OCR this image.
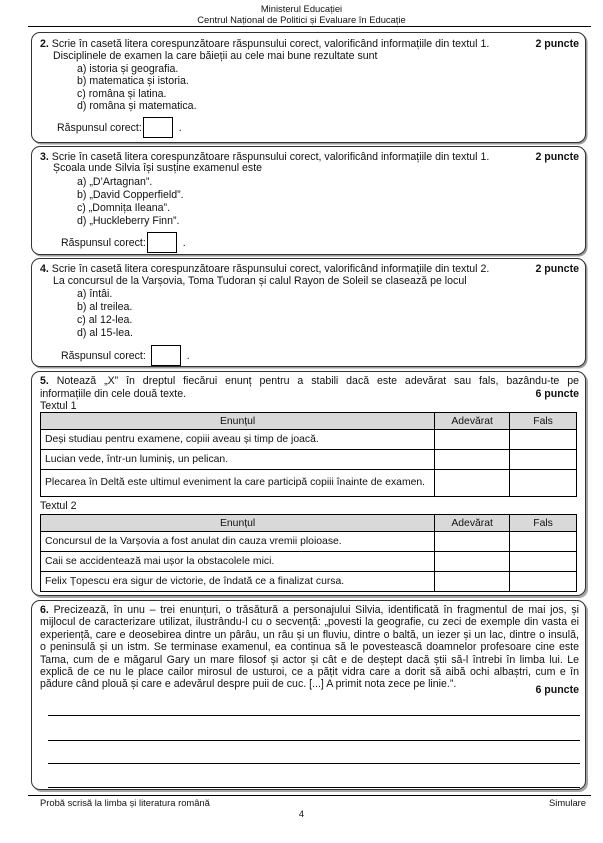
Ministerul Educației
Centrul Național de Politici și Evaluare în Educație
2. Scrie în casetă litera corespunzătoare răspunsului corect, valorificând informațiile din textul 1.	2 puncte
Disciplinele de examen la care băieții au cele mai bune rezultate sunt
a) istoria și geografia.
b) matematica și istoria.
c) româna și latina.
d) româna și matematica.
Răspunsul corect:	.
3. Scrie în casetă litera corespunzătoare răspunsului corect, valorificând informațiile din textul 1.	2 puncte
Școala unde Silvia își susține examenul este
a) „D’Artagnan”.
b) „David Copperfield”.
c) „Domnița Ileana”.
d) „Huckleberry Finn”.
Răspunsul corect:	.
4. Scrie în casetă litera corespunzătoare răspunsului corect, valorificând informațiile din textul 2.	2 puncte
La concursul de la Varșovia, Toma Tudoran și calul Rayon de Soleil se clasează pe locul
a) întâi.
b) al treilea.
c) al 12-lea.
d) al 15-lea.
Răspunsul corect:	.
5. Notează „X” în dreptul fiecărui enunț pentru a stabili dacă este adevărat sau fals, bazându-te pe
informațiile din cele două texte.	6 puncte
Textul 1
Enunțul	Adevărat	Fals
Deși studiau pentru examene, copiii aveau și timp de joacă.		
Lucian vede, într-un luminiș, un pelican.		
Plecarea în Deltă este ultimul eveniment la care participă copiii înainte de examen.		
Textul 2
Enunțul	Adevărat	Fals
Concursul de la Varșovia a fost anulat din cauza vremii ploioase.		
Caii se accidentează mai ușor la obstacolele mici.		
Felix Țopescu era sigur de victorie, de îndată ce a finalizat cursa.		
6. Precizează, în unu – trei enunțuri, o trăsătură a personajului Silvia, identificată în fragmentul de mai jos, și mijlocul de caracterizare utilizat, ilustrându-l cu o secvență: „povesti la geografie, cu zeci de exemple din vasta ei experiență, care e deosebirea dintre un pârâu, un râu și un fluviu, dintre o baltă, un iezer și un lac, dintre o insulă, o peninsulă și un istm. Se terminase examenul, ea continua să le povestească doamnelor profesoare cine este Tama, cum de e măgarul Gary un mare filosof și actor și cât e de deștept dacă știi să-l întrebi în limba lui. Le explică de ce nu le place cailor mirosul de usturoi, ce a pățit vidra care a dorit să aibă ochi albaștri, cum e în pădure când plouă și care e adevărul despre puii de cuc. [...] A primit nota zece pe linie.”.	6 puncte
Probă scrisă la limba și literatura română	Simulare
4
